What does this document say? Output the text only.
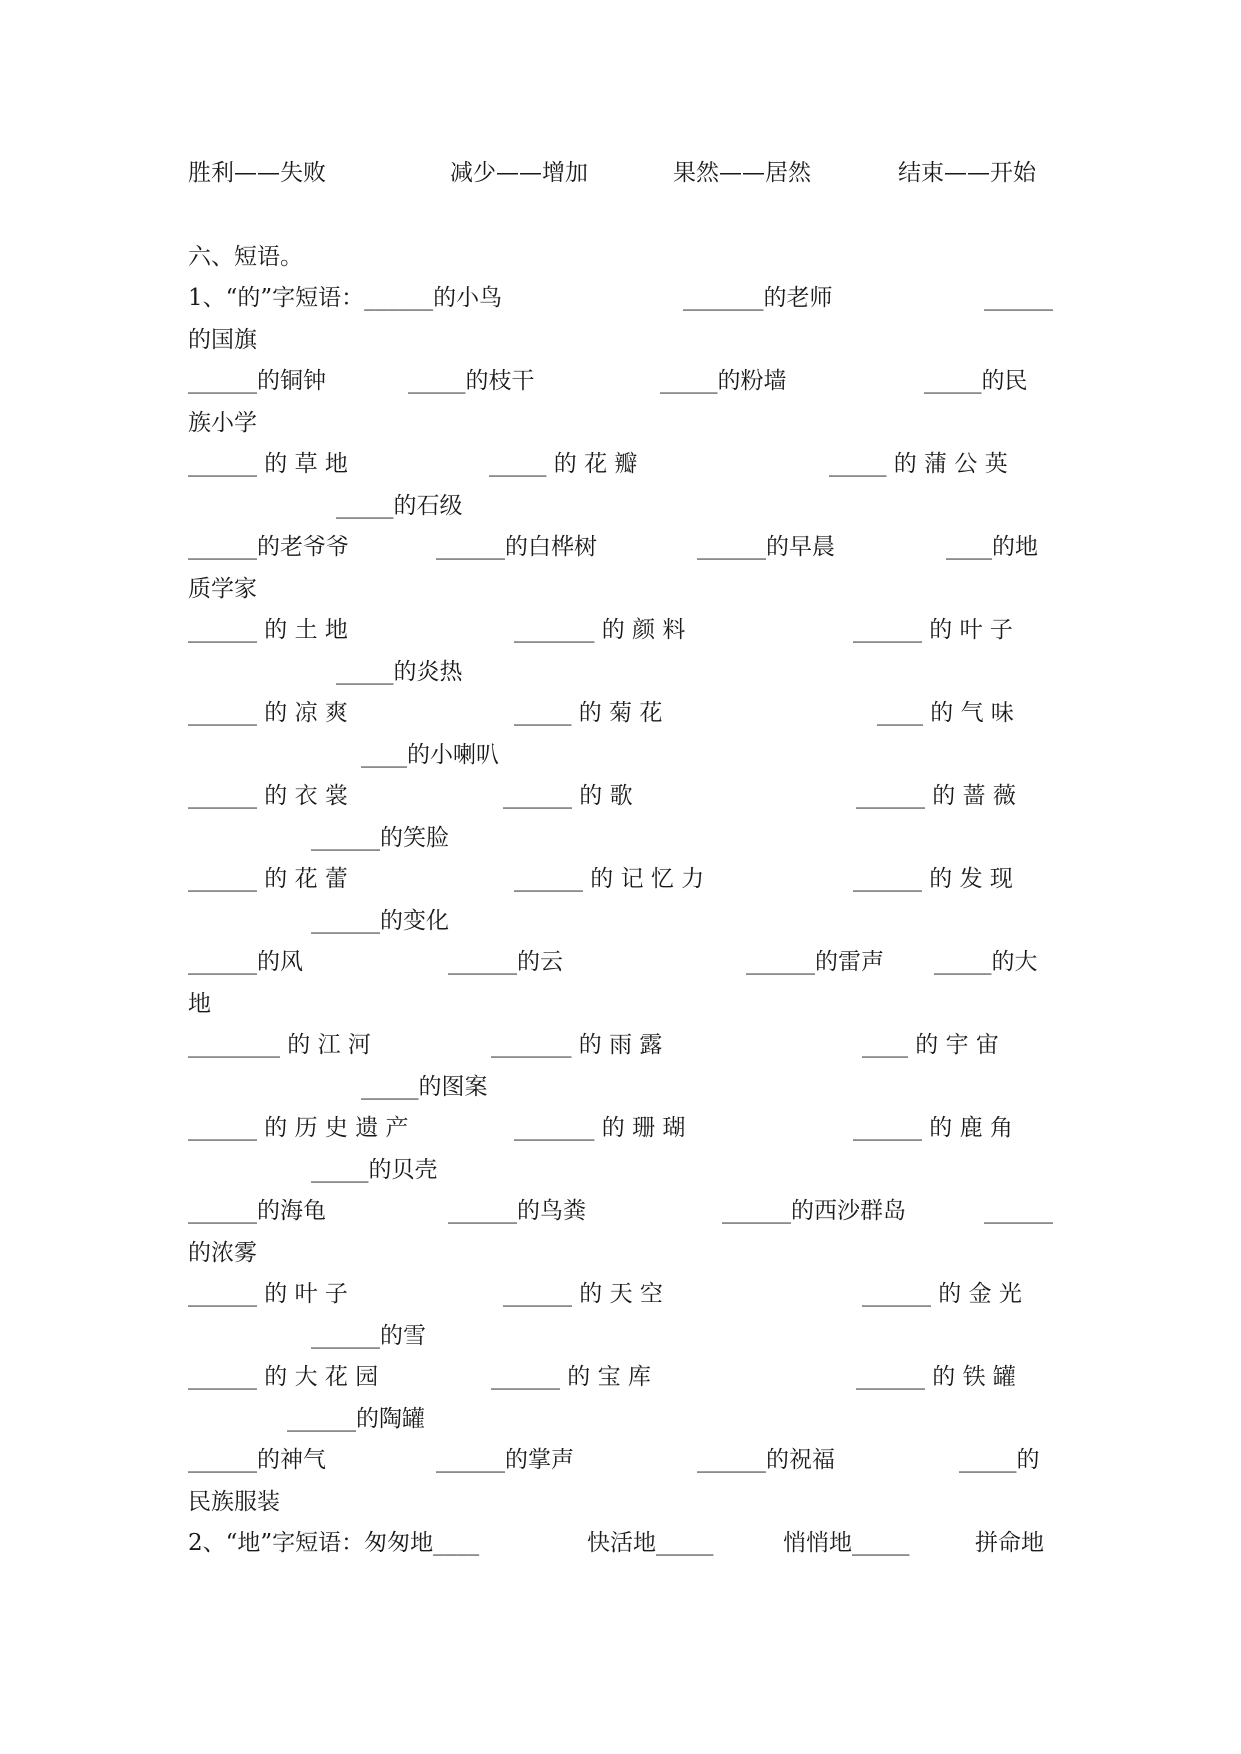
胜利——失败	减少——增加	果然——居然	结束——开始
六、短语。
1、“的”字短语：______的小鸟	_______的老师	______
的国旗
______的铜钟	_____的枝干	_____的粉墙	_____的民
族小学
______ 的 草 地	_____ 的 花 瓣	_____ 的 蒲 公 英
_____的石级
______的老爷爷	______的白桦树	______的早晨	____的地
质学家
______ 的 土 地	_______ 的 颜 料	______ 的 叶 子
_____的炎热
______ 的 凉 爽	_____ 的 菊 花	____ 的 气 味
____的小喇叭
______ 的 衣 裳	______ 的 歌	______ 的 蔷 薇
______的笑脸
______ 的 花 蕾	______ 的 记 忆 力	______ 的 发 现
______的变化
______的风	______的云	______的雷声 _____的大
地
________ 的 江 河	_______ 的 雨 露	____ 的 宇 宙
_____的图案
______ 的 历 史 遗 产	_______ 的 珊 瑚	______ 的 鹿 角
_____的贝壳
______的海龟	______的鸟粪	______的西沙群岛	______
的浓雾
______ 的 叶 子	______ 的 天 空	______ 的 金 光
______的雪
______ 的 大 花 园	______ 的 宝 库	______ 的 铁 罐
______的陶罐
______的神气	______的掌声	______的祝福	_____的
民族服装
2、“地”字短语：匆匆地____	快活地_____	悄悄地_____	拼命地
